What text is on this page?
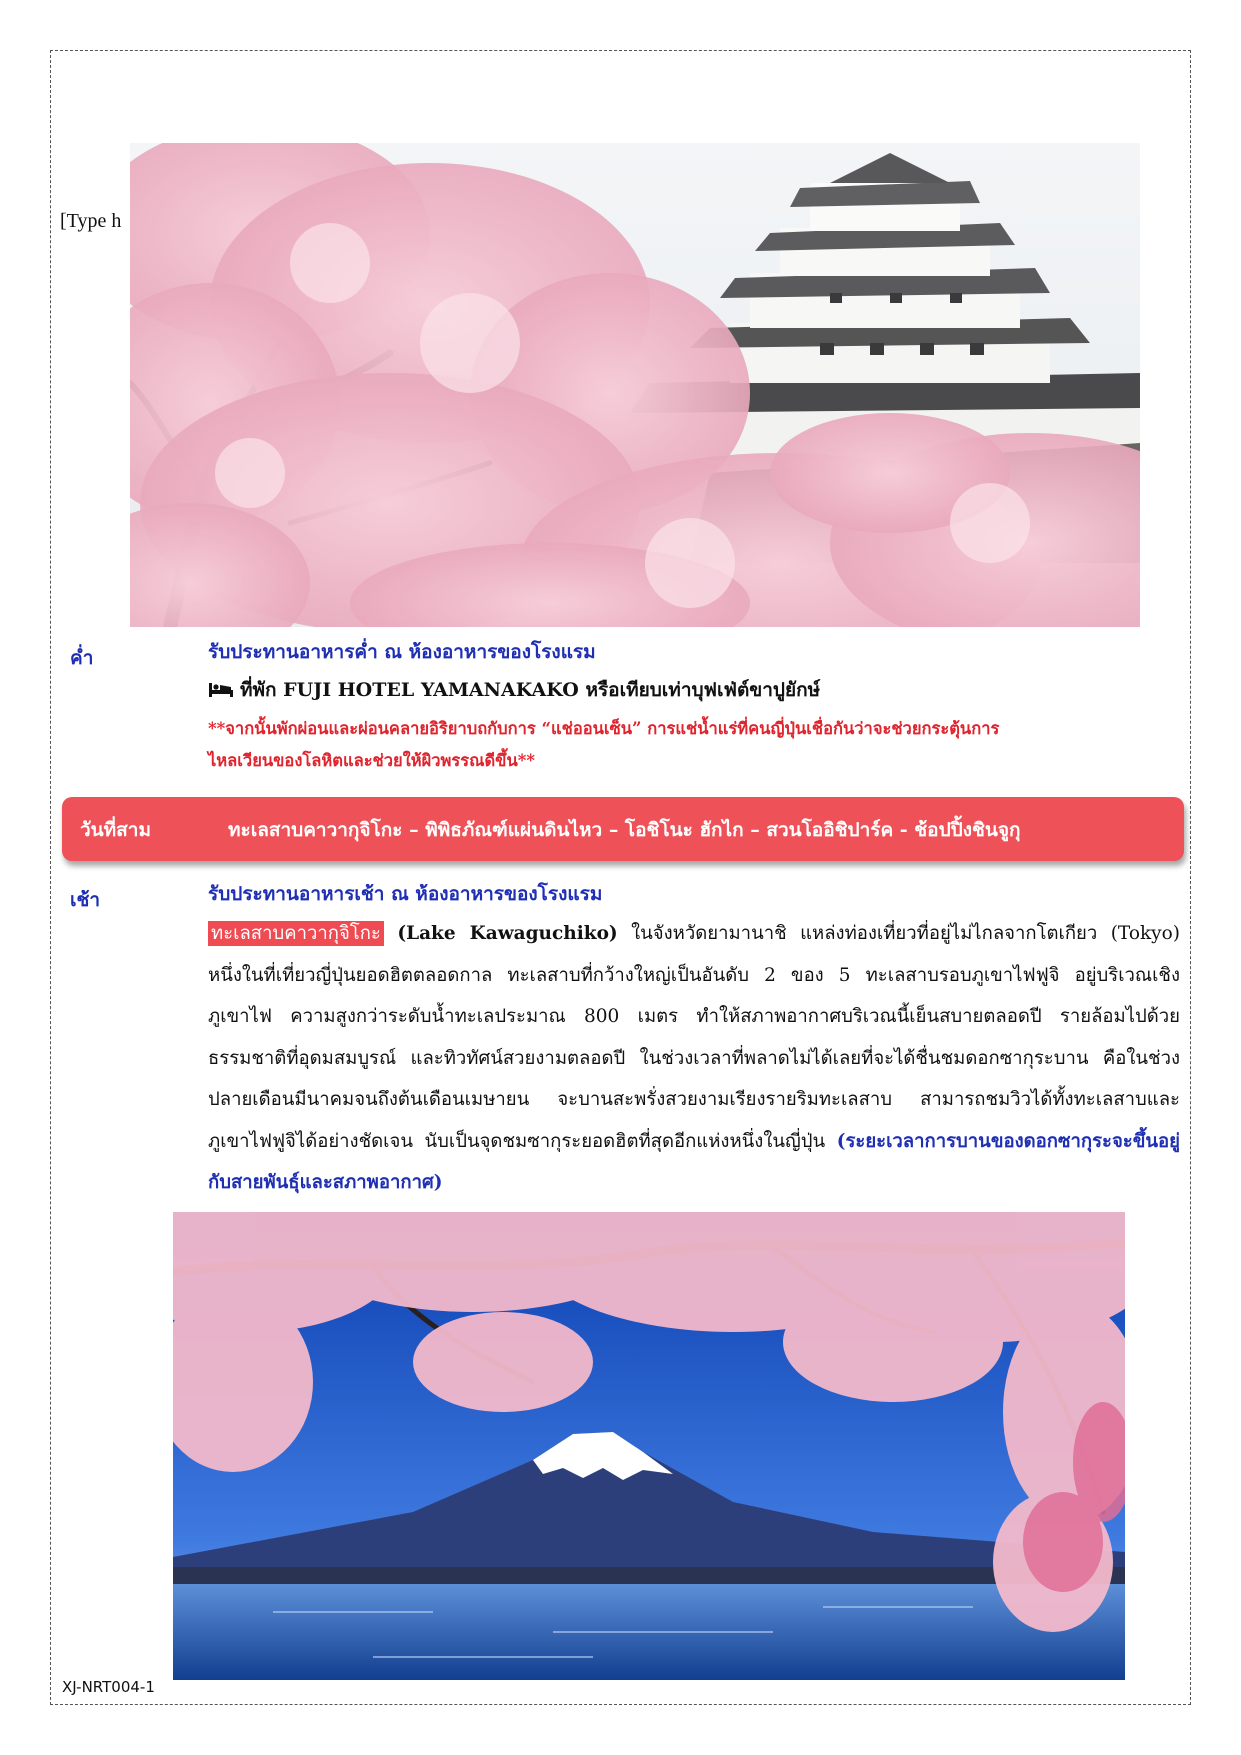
[Type h
ค่ำ	รับประทานอาหารค่ำ ณ ห้องอาหารของโรงแรม
ที่พัก FUJI HOTEL YAMANAKAKO หรือเทียบเท่าบุฟเฟ่ต์ขาปูยักษ์
**จากนั้นพักผ่อนและผ่อนคลายอิริยาบถกับการ “แช่ออนเซ็น” การแช่น้ำแร่ที่คนญี่ปุ่นเชื่อกันว่าจะช่วยกระตุ้นการ
ไหลเวียนของโลหิตและช่วยให้ผิวพรรณดีขึ้น**
วันที่สาม	ทะเลสาบคาวากุจิโกะ – พิพิธภัณฑ์แผ่นดินไหว – โอชิโนะ ฮักไก – สวนโออิชิปาร์ค - ช้อปปิ้งชินจูกุ
เช้า	รับประทานอาหารเช้า ณ ห้องอาหารของโรงแรม
ทะเลสาบคาวากุจิโกะ (Lake Kawaguchiko) ในจังหวัดยามานาชิ แหล่งท่องเที่ยวที่อยู่ไม่ไกลจากโตเกียว (Tokyo) หนึ่งในที่เที่ยวญี่ปุ่นยอดฮิตตลอดกาล ทะเลสาบที่กว้างใหญ่เป็นอันดับ 2 ของ 5 ทะเลสาบรอบภูเขาไฟฟูจิ อยู่บริเวณเชิงภูเขาไฟ ความสูงกว่าระดับน้ำทะเลประมาณ 800 เมตร ทำให้สภาพอากาศบริเวณนี้เย็นสบายตลอดปี รายล้อมไปด้วยธรรมชาติที่อุดมสมบูรณ์ และทิวทัศน์สวยงามตลอดปี ในช่วงเวลาที่พลาดไม่ได้เลยที่จะได้ชื่นชมดอกซากุระบาน คือในช่วงปลายเดือนมีนาคมจนถึงต้นเดือนเมษายน จะบานสะพรั่งสวยงามเรียงรายริมทะเลสาบ สามารถชมวิวได้ทั้งทะเลสาบและภูเขาไฟฟูจิได้อย่างชัดเจน นับเป็นจุดชมซากุระยอดฮิตที่สุดอีกแห่งหนึ่งในญี่ปุ่น (ระยะเวลาการบานของดอกซากุระจะขึ้นอยู่กับสายพันธุ์และสภาพอากาศ)
XJ-NRT004-1
